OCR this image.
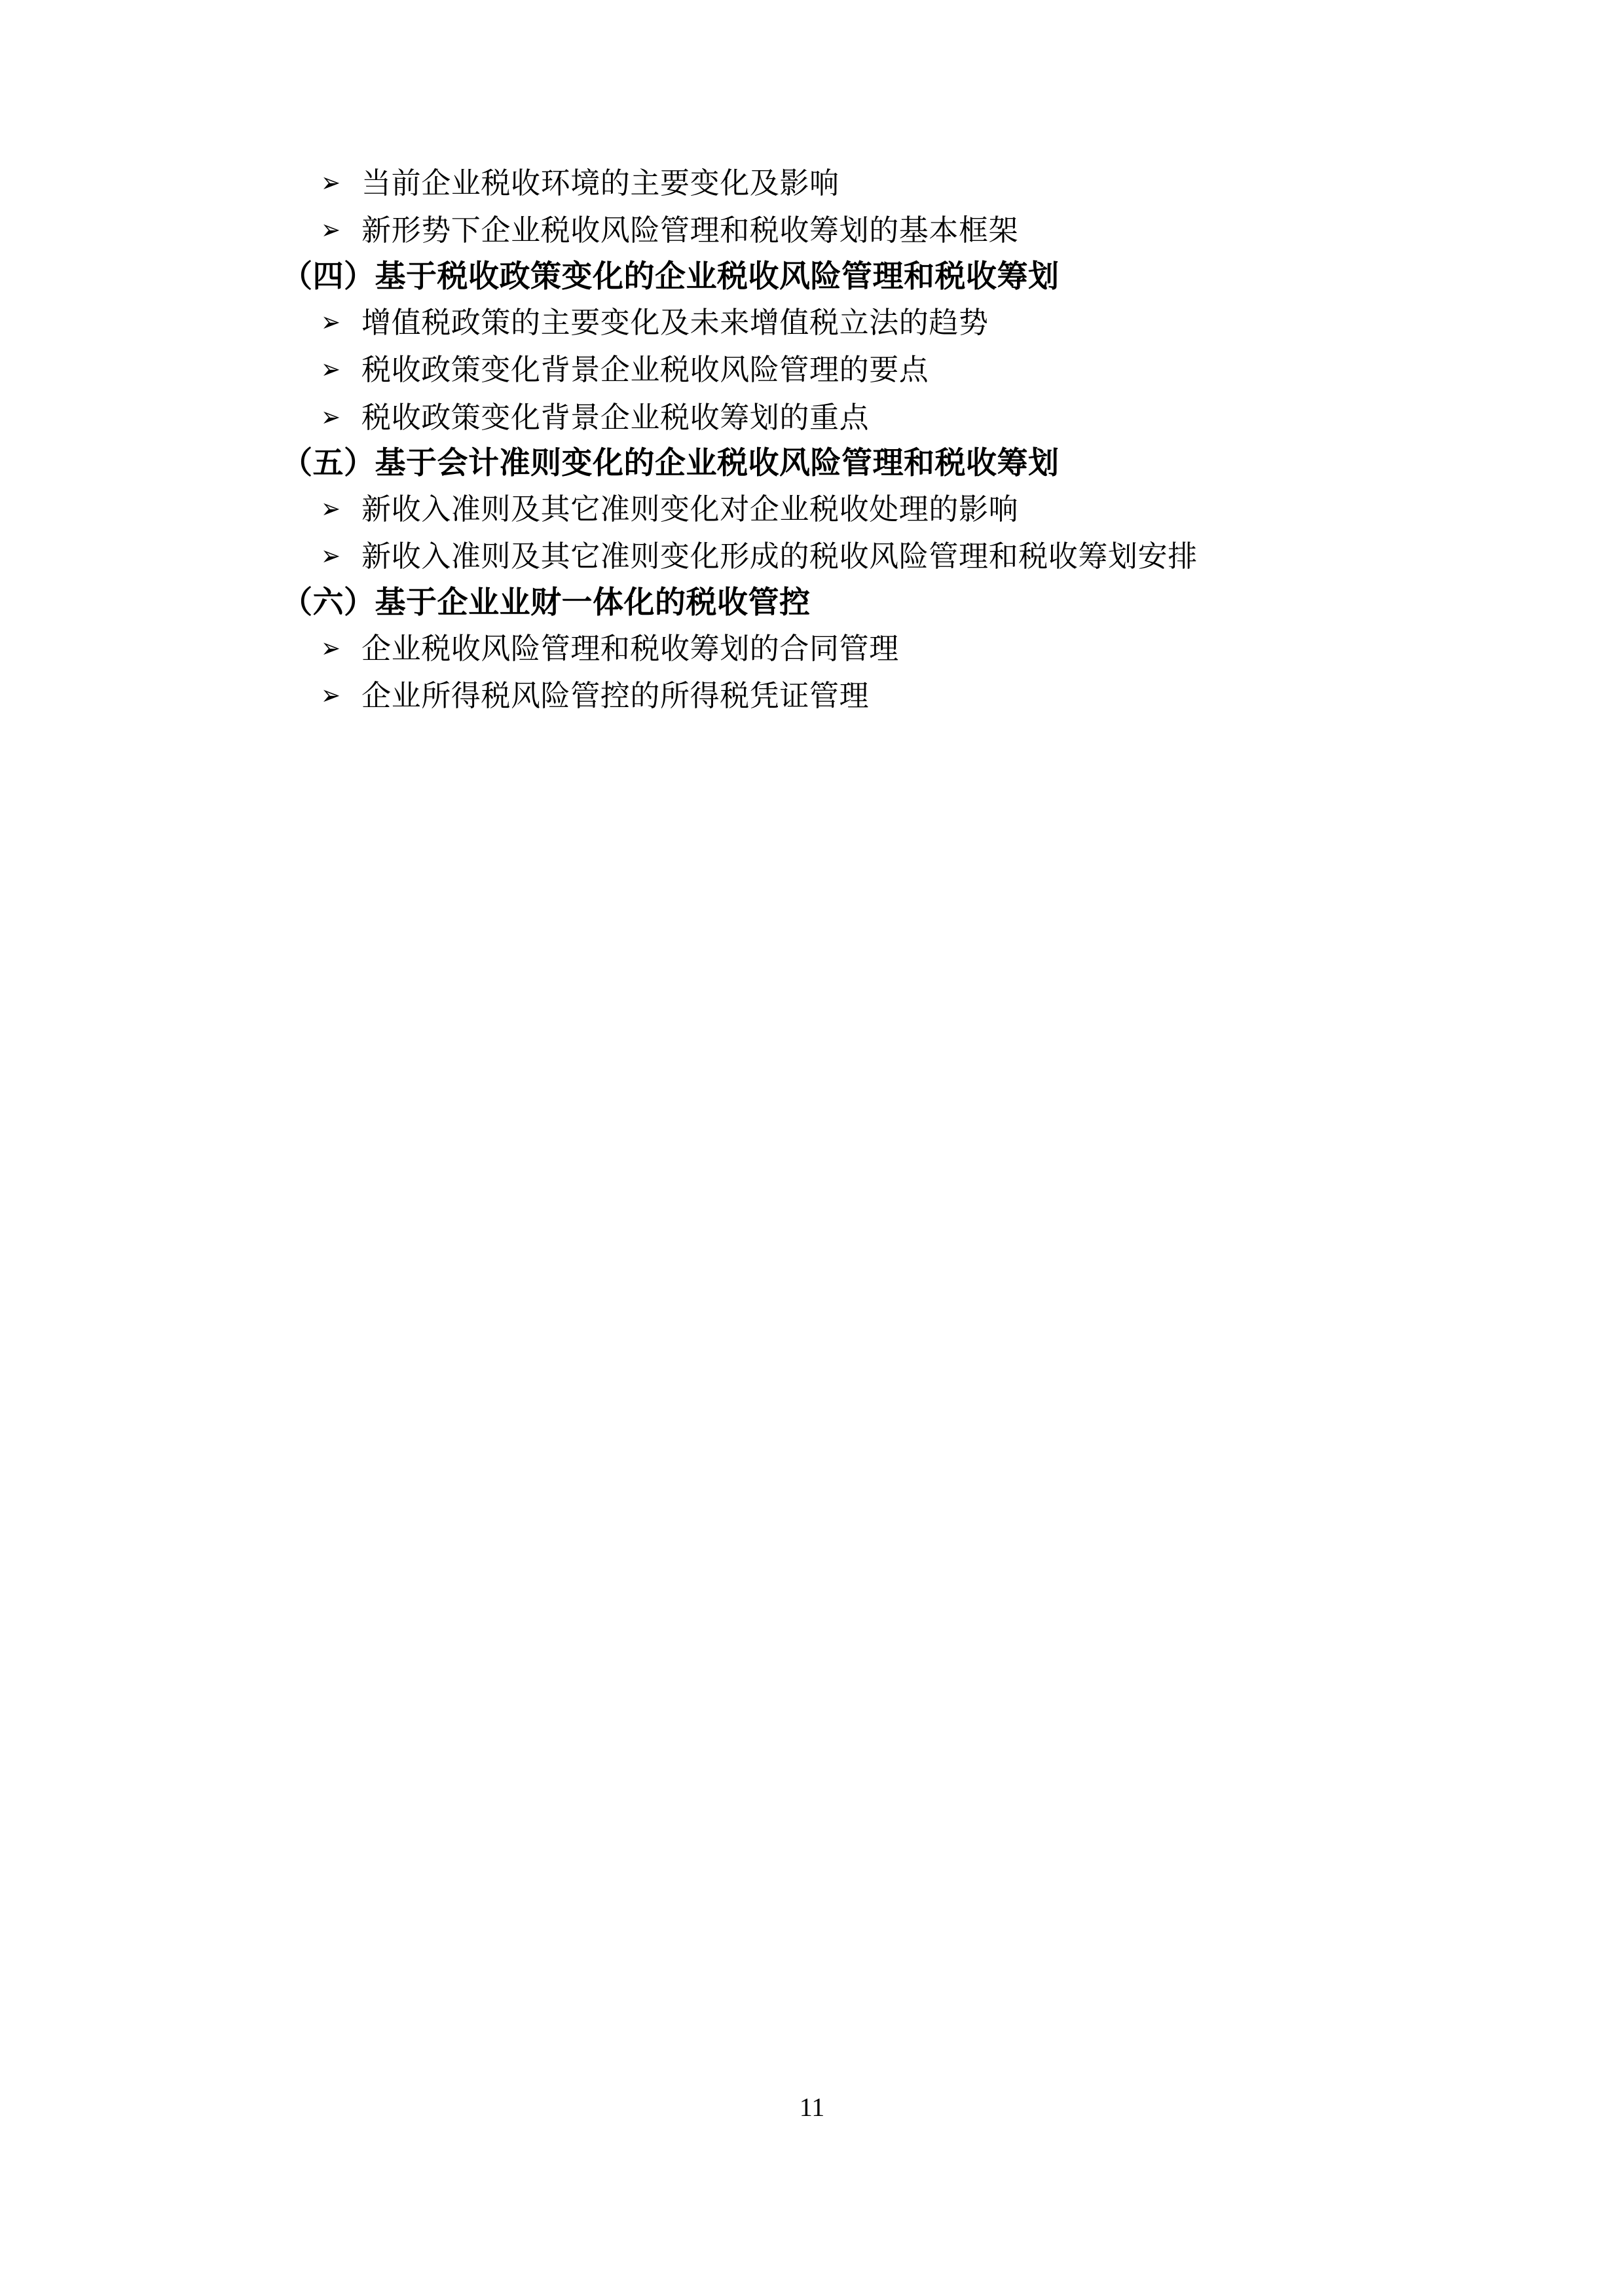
➢ 当前企业税收环境的主要变化及影响
➢ 新形势下企业税收风险管理和税收筹划的基本框架
（四） 基于税收政策变化的企业税收风险管理和税收筹划
➢ 增值税政策的主要变化及未来增值税立法的趋势
➢ 税收政策变化背景企业税收风险管理的要点
➢ 税收政策变化背景企业税收筹划的重点
（五） 基于会计准则变化的企业税收风险管理和税收筹划
➢ 新收入准则及其它准则变化对企业税收处理的影响
➢ 新收入准则及其它准则变化形成的税收风险管理和税收筹划安排
（六） 基于企业业财一体化的税收管控
➢ 企业税收风险管理和税收筹划的合同管理
➢ 企业所得税风险管控的所得税凭证管理
11
